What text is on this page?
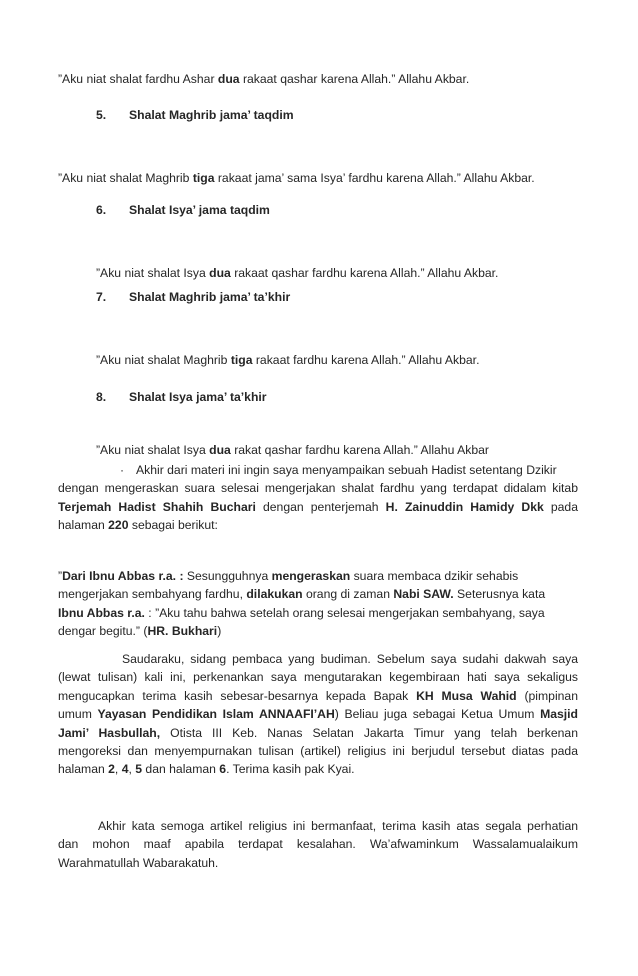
”Aku niat shalat fardhu Ashar dua rakaat qashar karena Allah.” Allahu Akbar.
5. Shalat Maghrib jama’ taqdim
”Aku niat shalat Maghrib tiga rakaat jama’ sama Isya’ fardhu karena Allah.” Allahu Akbar.
6. Shalat Isya’ jama taqdim
”Aku niat shalat Isya dua rakaat qashar fardhu karena Allah.” Allahu Akbar.
7. Shalat Maghrib jama’ ta’khir
”Aku niat shalat Maghrib tiga rakaat fardhu karena Allah.” Allahu Akbar.
8. Shalat Isya jama’ ta’khir
”Aku niat shalat Isya dua rakat qashar fardhu karena Allah.” Allahu Akbar
· Akhir dari materi ini ingin saya menyampaikan sebuah Hadist setentang Dzikir
dengan mengeraskan suara selesai mengerjakan shalat fardhu yang terdapat didalam kitab
Terjemah Hadist Shahih Buchari dengan penterjemah H. Zainuddin Hamidy Dkk pada
halaman 220 sebagai berikut:
”Dari Ibnu Abbas r.a. : Sesungguhnya mengeraskan suara membaca dzikir sehabis
mengerjakan sembahyang fardhu, dilakukan orang di zaman Nabi SAW. Seterusnya kata
Ibnu Abbas r.a. : ”Aku tahu bahwa setelah orang selesai mengerjakan sembahyang, saya
dengar begitu.” (HR. Bukhari)
Saudaraku, sidang pembaca yang budiman. Sebelum saya sudahi dakwah saya
(lewat tulisan) kali ini, perkenankan saya mengutarakan kegembiraan hati saya sekaligus
mengucapkan terima kasih sebesar-besarnya kepada Bapak KH Musa Wahid (pimpinan
umum Yayasan Pendidikan Islam ANNAAFI’AH) Beliau juga sebagai Ketua Umum Masjid
Jami’ Hasbullah, Otista III Keb. Nanas Selatan Jakarta Timur yang telah berkenan
mengoreksi dan menyempurnakan tulisan (artikel) religius ini berjudul tersebut diatas pada
halaman 2, 4, 5 dan halaman 6. Terima kasih pak Kyai.
Akhir kata semoga artikel religius ini bermanfaat, terima kasih atas segala perhatian
dan mohon maaf apabila terdapat kesalahan. Wa’afwaminkum Wassalamualaikum
Warahmatullah Wabarakatuh.
